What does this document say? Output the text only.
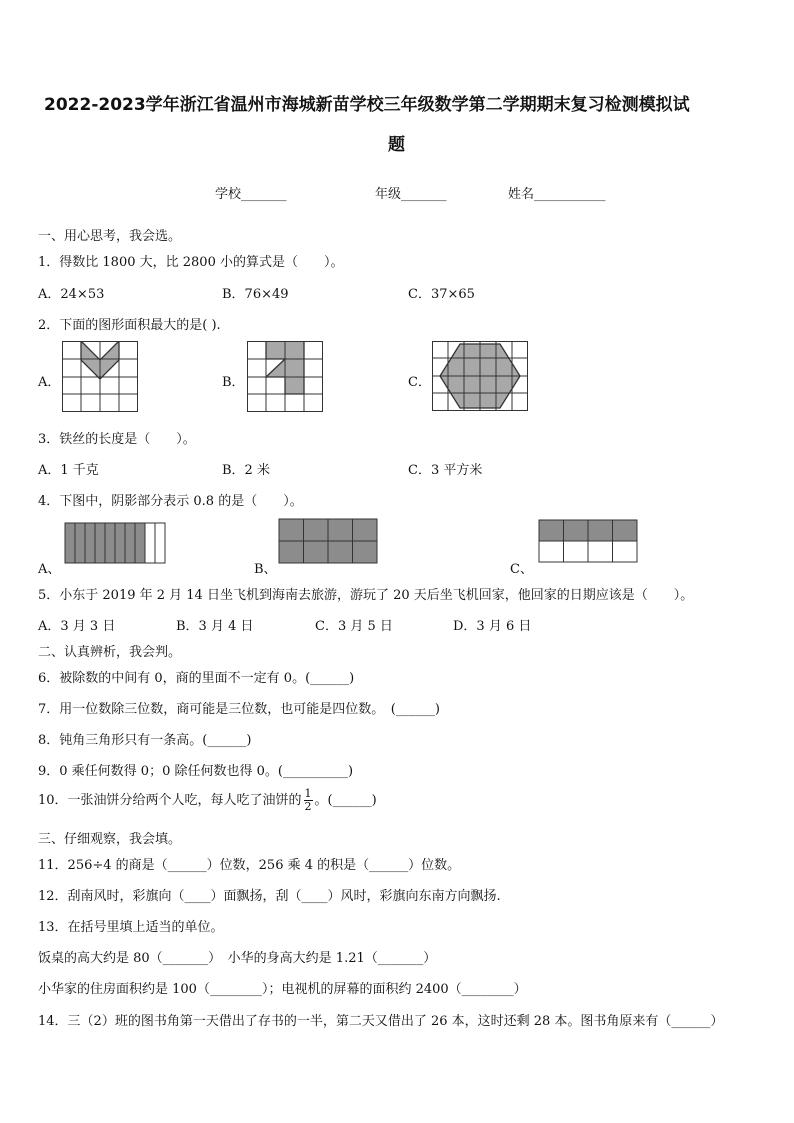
2022-2023学年浙江省温州市海城新苗学校三年级数学第二学期期末复习检测模拟试
题
学校_______	年级_______	姓名___________
一、用心思考，我会选。
1．得数比 1800 大，比 2800 小的算式是（　　）。
A．24×53	B．76×49	C．37×65
2．下面的图形面积最大的是( ).
A．	B．	C．
3．铁丝的长度是（　　）。
A．1 千克	B．2 米	C．3 平方米
4．下图中，阴影部分表示 0.8 的是（　　）。
A、	B、	C、
5．小东于 2019 年 2 月 14 日坐飞机到海南去旅游，游玩了 20 天后坐飞机回家，他回家的日期应该是（　　）。
A．3 月 3 日	B．3 月 4 日	C．3 月 5 日	D．3 月 6 日
二、认真辨析，我会判。
6．被除数的中间有 0，商的里面不一定有 0。(______)
7．用一位数除三位数，商可能是三位数，也可能是四位数。　(______)
8．钝角三角形只有一条高。(______)
9．0 乘任何数得 0；0 除任何数也得 0。(__________)
10．一张油饼分给两个人吃，每人吃了油饼的 $\frac{1}{2}$ 。(______)
三、仔细观察，我会填。
11．256÷4 的商是（______）位数，256 乘 4 的积是（______）位数。
12．刮南风时，彩旗向（____）面飘扬，刮（____）风时，彩旗向东南方向飘扬.
13．在括号里填上适当的单位。
饭桌的高大约是 80（_______）　小华的身高大约是 1.21（_______）
小华家的住房面积约是 100（________）；电视机的屏幕的面积约 2400（________）
14．三（2）班的图书角第一天借出了存书的一半，第二天又借出了 26 本，这时还剩 28 本。图书角原来有（______）
